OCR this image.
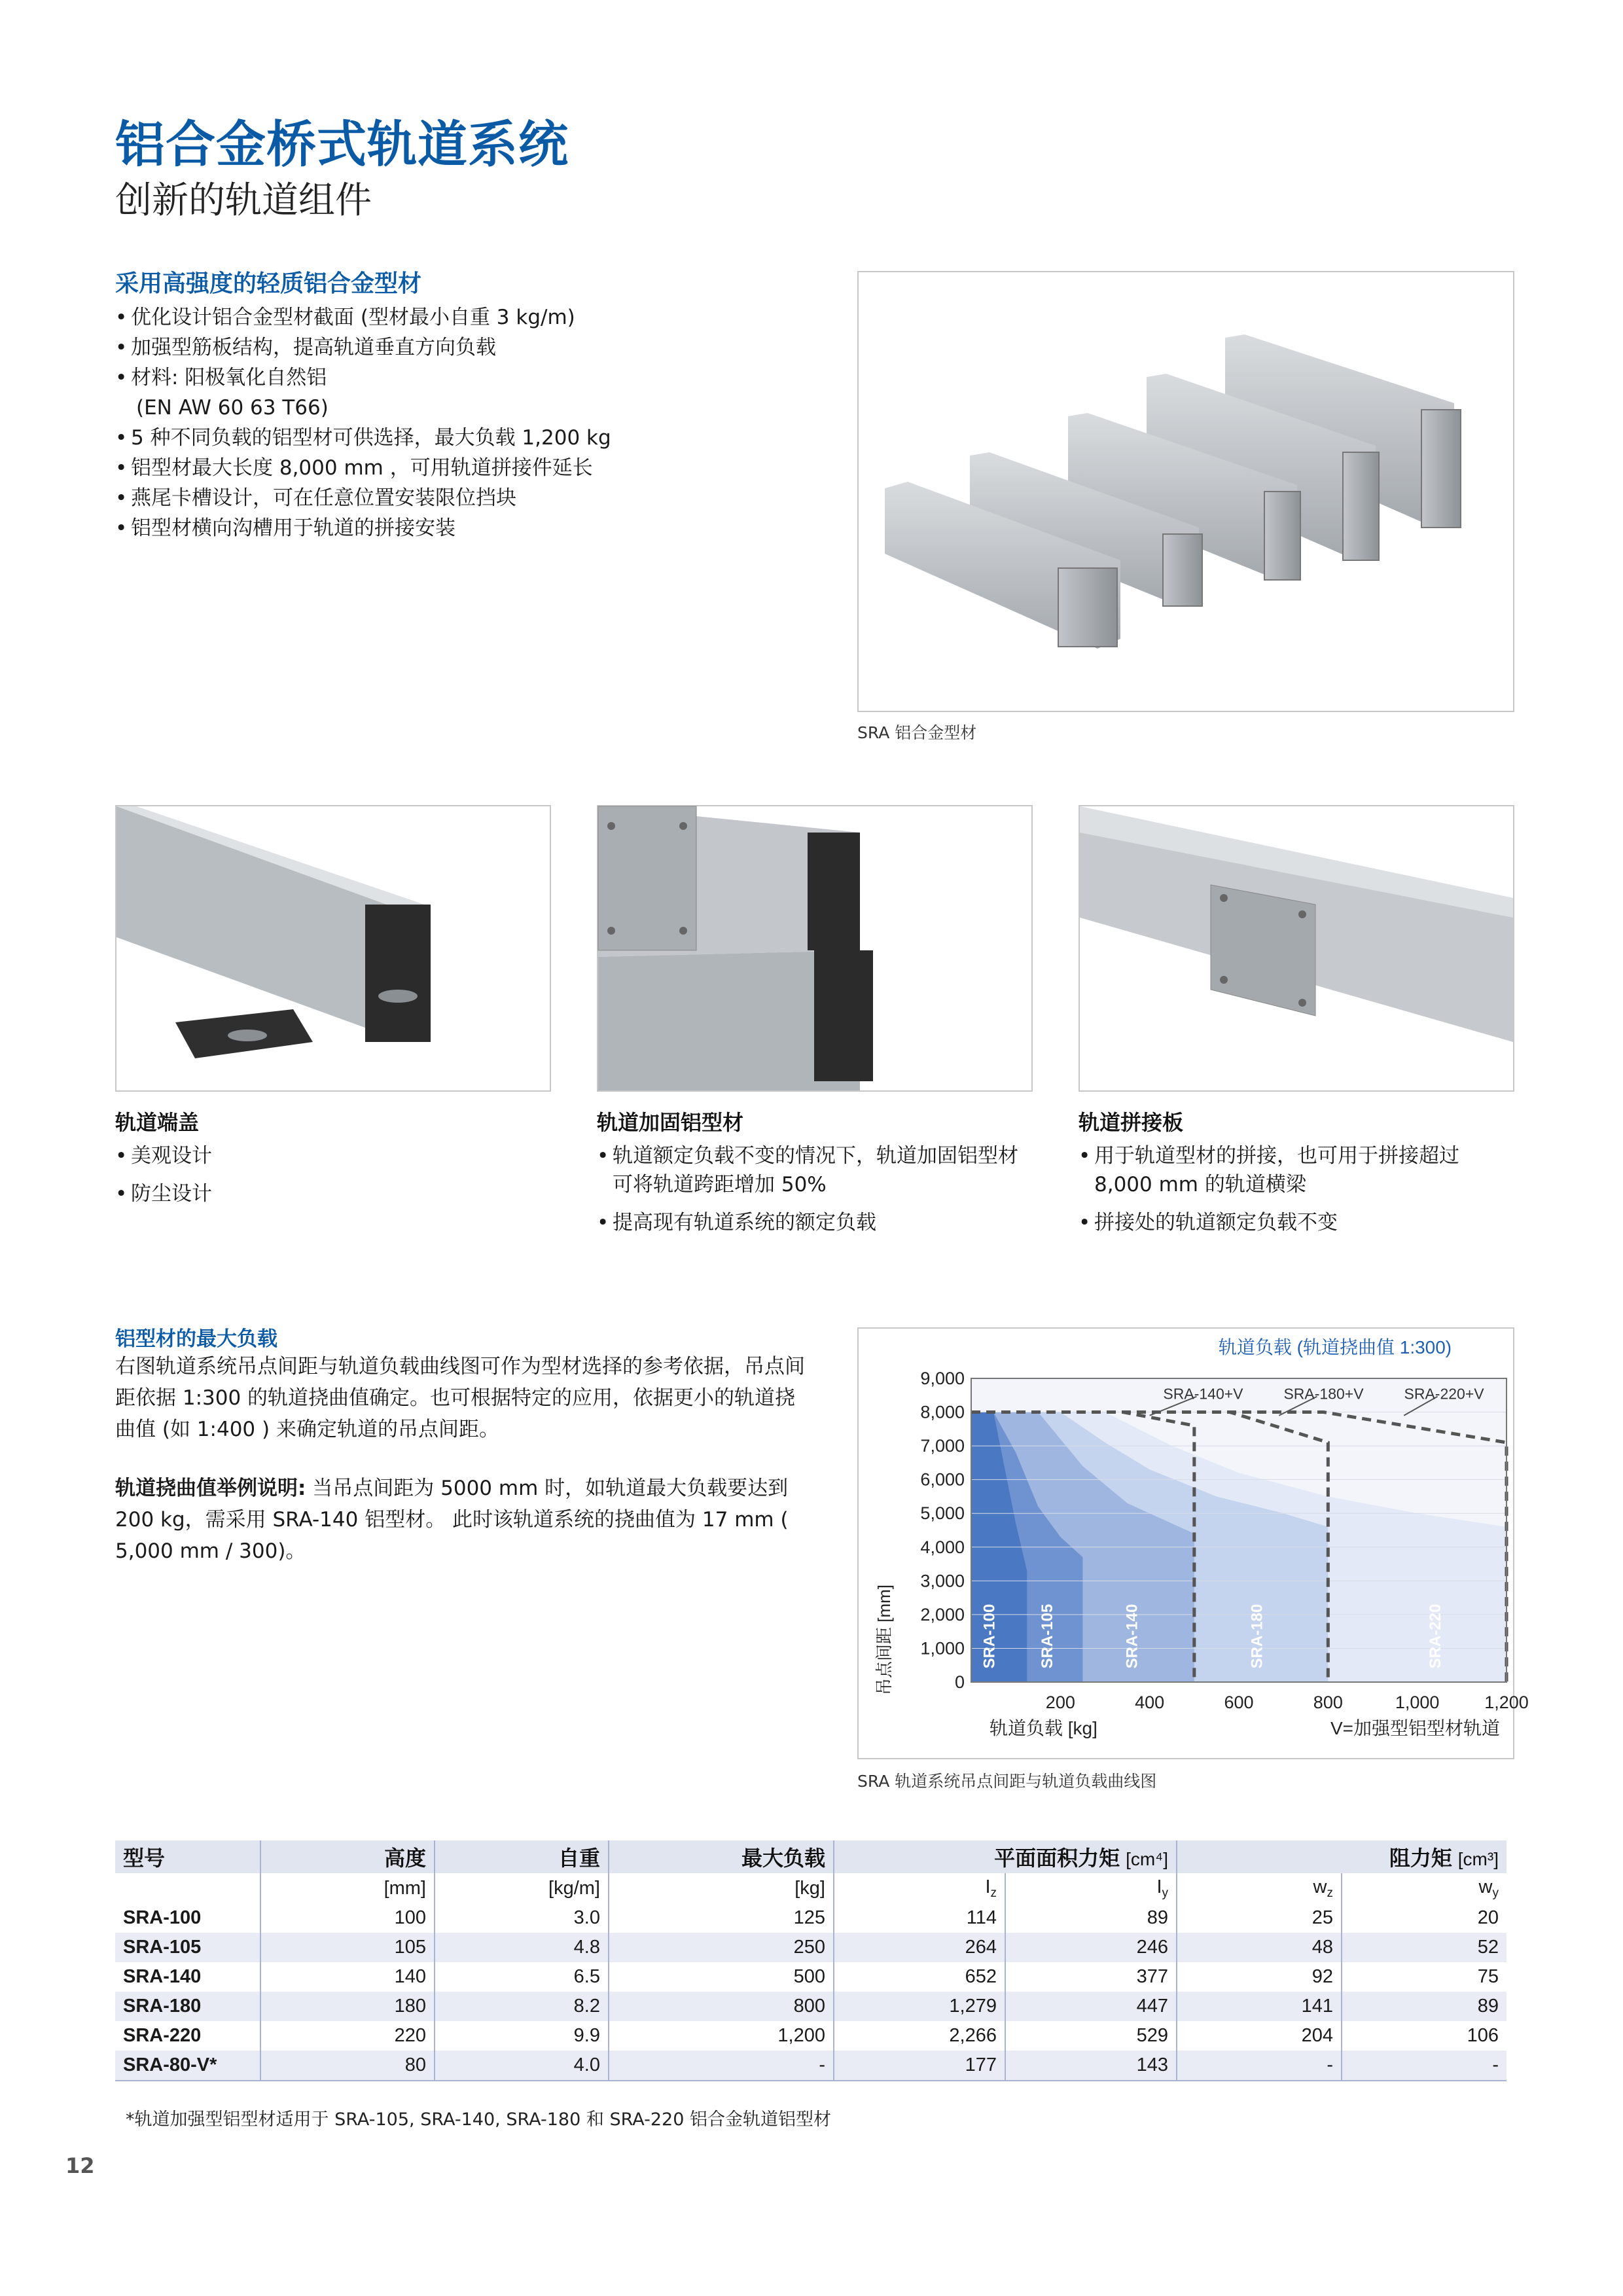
铝合金桥式轨道系统
创新的轨道组件
采用高强度的轻质铝合金型材
• 优化设计铝合金型材截面 (型材最小自重 3 kg/m)
• 加强型筋板结构，提高轨道垂直方向负载
• 材料: 阳极氧化自然铝
(EN AW 60 63 T66)
• 5 种不同负载的铝型材可供选择，最大负载 1,200 kg
• 铝型材最大长度 8,000 mm ，可用轨道拼接件延长
• 燕尾卡槽设计，可在任意位置安装限位挡块
• 铝型材横向沟槽用于轨道的拼接安装
SRA 铝合金型材
轨道端盖
• 美观设计
• 防尘设计
轨道加固铝型材
• 轨道额定负载不变的情况下，轨道加固铝型材可将轨道跨距增加 50%
• 提高现有轨道系统的额定负载
轨道拼接板
• 用于轨道型材的拼接，也可用于拼接超过 8,000 mm 的轨道横梁
• 拼接处的轨道额定负载不变
铝型材的最大负载
右图轨道系统吊点间距与轨道负载曲线图可作为型材选择的参考依据，吊点间距依据 1:300 的轨道挠曲值确定。也可根据特定的应用，依据更小的轨道挠曲值 (如 1:400 ) 来确定轨道的吊点间距。
轨道挠曲值举例说明: 当吊点间距为 5000 mm 时，如轨道最大负载要达到 200 kg，需采用 SRA-140 铝型材。 此时该轨道系统的挠曲值为 17 mm ( 5,000 mm / 300)。
轨道负载 (轨道挠曲值 1:300)
SRA-140+V	SRA-180+V	SRA-220+V
SRA-100	SRA-105	SRA-140	SRA-180	SRA-220
0
1,000
2,000
3,000
4,000
5,000
6,000
7,000
8,000
9,000
200	400	600	800	1,000	1,200
轨道负载 [kg]	V=加强型铝型材轨道
吊点间距 [mm]
SRA 轨道系统吊点间距与轨道负载曲线图
型号	高度	自重	最大负载	平面面积力矩 [cm⁴]		阻力矩 [cm³]	
	[mm]	[kg/m]	[kg]	$I_z$	$I_y$	$w_z$	$w_y$
SRA-100	100	3.0	125	114	89	25	20
SRA-105	105	4.8	250	264	246	48	52
SRA-140	140	6.5	500	652	377	92	75
SRA-180	180	8.2	800	1,279	447	141	89
SRA-220	220	9.9	1,200	2,266	529	204	106
SRA-80-V*	80	4.0	-	177	143	-	-
*轨道加强型铝型材适用于 SRA-105, SRA-140, SRA-180 和 SRA-220 铝合金轨道铝型材
12
